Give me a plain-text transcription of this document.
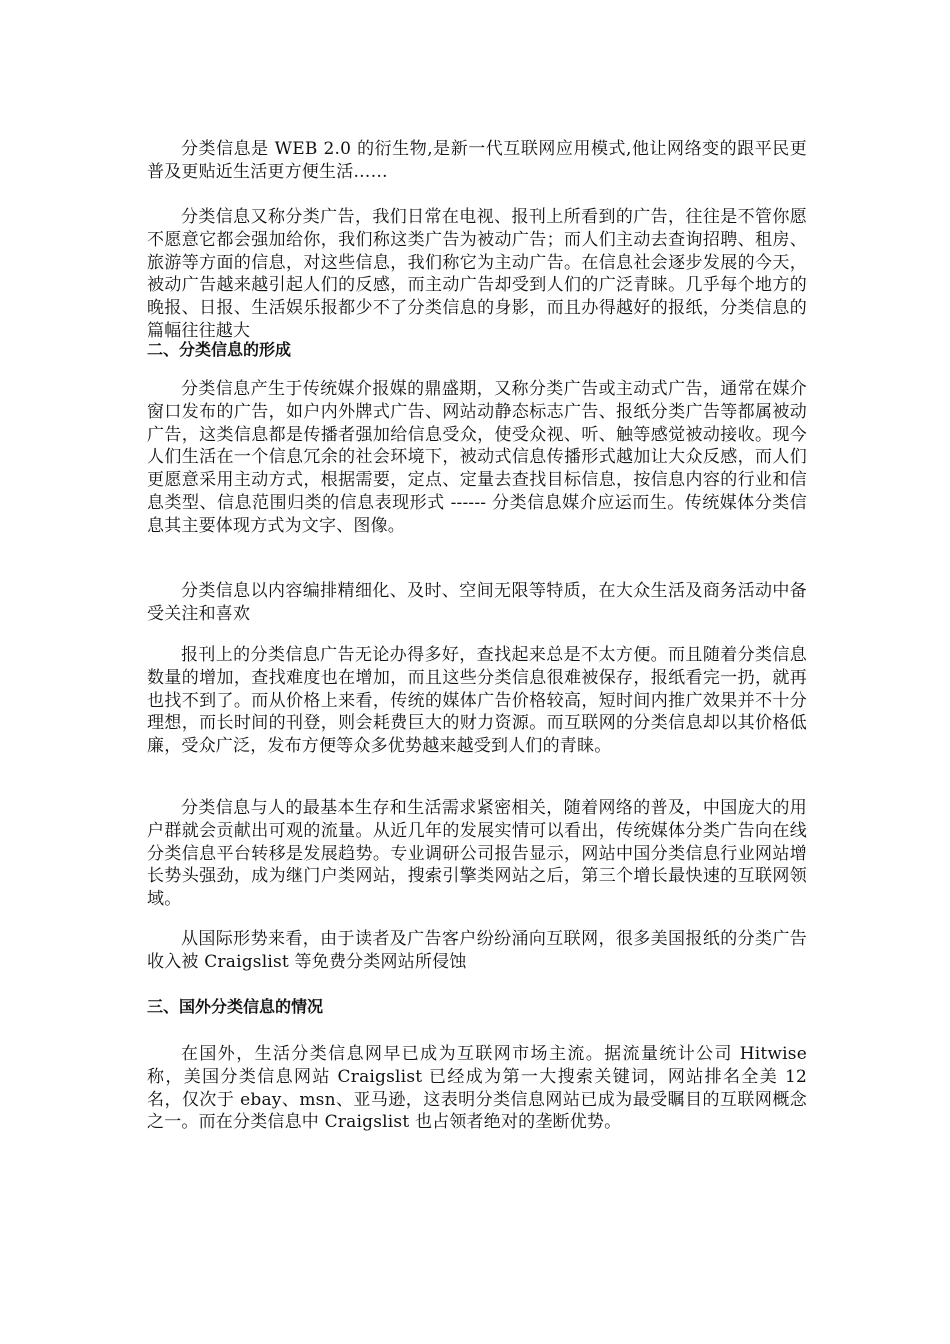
分类信息是 WEB 2.0 的衍生物,是新一代互联网应用模式,他让网络变的跟平民更普及更贴近生活更方便生活……

分类信息又称分类广告，我们日常在电视、报刊上所看到的广告，往往是不管你愿不愿意它都会强加给你，我们称这类广告为被动广告；而人们主动去查询招聘、租房、旅游等方面的信息，对这些信息，我们称它为主动广告。在信息社会逐步发展的今天，被动广告越来越引起人们的反感，而主动广告却受到人们的广泛青睐。几乎每个地方的晚报、日报、生活娱乐报都少不了分类信息的身影，而且办得越好的报纸，分类信息的篇幅往往越大

二、分类信息的形成

分类信息产生于传统媒介报媒的鼎盛期，又称分类广告或主动式广告，通常在媒介窗口发布的广告，如户内外牌式广告、网站动静态标志广告、报纸分类广告等都属被动广告，这类信息都是传播者强加给信息受众，使受众视、听、触等感觉被动接收。现今人们生活在一个信息冗余的社会环境下，被动式信息传播形式越加让大众反感，而人们更愿意采用主动方式，根据需要，定点、定量去查找目标信息，按信息内容的行业和信息类型、信息范围归类的信息表现形式 ------ 分类信息媒介应运而生。传统媒体分类信息其主要体现方式为文字、图像。

分类信息以内容编排精细化、及时、空间无限等特质，在大众生活及商务活动中备受关注和喜欢

报刊上的分类信息广告无论办得多好，查找起来总是不太方便。而且随着分类信息数量的增加，查找难度也在增加，而且这些分类信息很难被保存，报纸看完一扔，就再也找不到了。而从价格上来看，传统的媒体广告价格较高，短时间内推广效果并不十分理想，而长时间的刊登，则会耗费巨大的财力资源。而互联网的分类信息却以其价格低廉，受众广泛，发布方便等众多优势越来越受到人们的青睐。

分类信息与人的最基本生存和生活需求紧密相关，随着网络的普及，中国庞大的用户群就会贡献出可观的流量。从近几年的发展实情可以看出，传统媒体分类广告向在线分类信息平台转移是发展趋势。专业调研公司报告显示，网站中国分类信息行业网站增长势头强劲，成为继门户类网站，搜索引擎类网站之后，第三个增长最快速的互联网领域。

从国际形势来看，由于读者及广告客户纷纷涌向互联网，很多美国报纸的分类广告收入被 Craigslist 等免费分类网站所侵蚀

三、国外分类信息的情况

在国外，生活分类信息网早已成为互联网市场主流。据流量统计公司 Hitwise 称，美国分类信息网站 Craigslist 已经成为第一大搜索关键词，网站排名全美 12 名，仅次于 ebay、msn、亚马逊，这表明分类信息网站已成为最受瞩目的互联网概念之一。而在分类信息中 Craigslist 也占领者绝对的垄断优势。
